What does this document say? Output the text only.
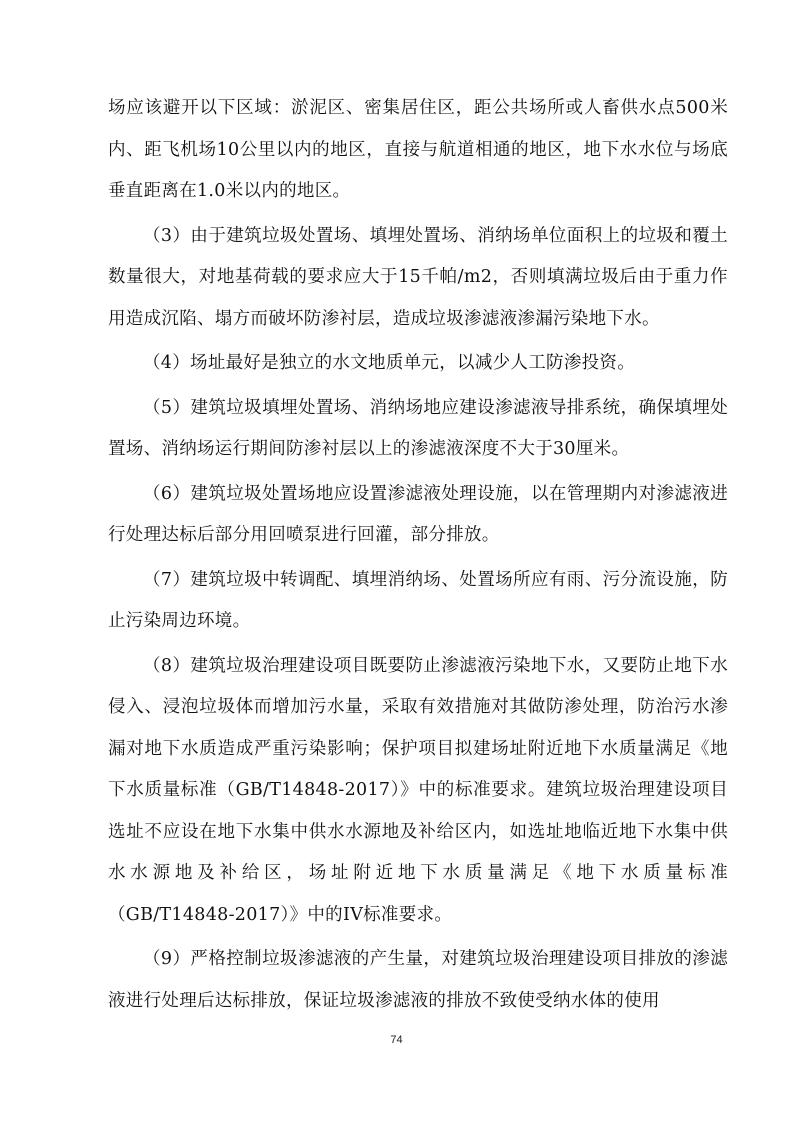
场应该避开以下区域：淤泥区、密集居住区，距公共场所或人畜供水点500米内、距飞机场10公里以内的地区，直接与航道相通的地区，地下水水位与场底垂直距离在1.0米以内的地区。

（3）由于建筑垃圾处置场、填埋处置场、消纳场单位面积上的垃圾和覆土数量很大，对地基荷载的要求应大于15千帕/m2，否则填满垃圾后由于重力作用造成沉陷、塌方而破坏防渗衬层，造成垃圾渗滤液渗漏污染地下水。

（4）场址最好是独立的水文地质单元，以减少人工防渗投资。

（5）建筑垃圾填埋处置场、消纳场地应建设渗滤液导排系统，确保填埋处置场、消纳场运行期间防渗衬层以上的渗滤液深度不大于30厘米。

（6）建筑垃圾处置场地应设置渗滤液处理设施，以在管理期内对渗滤液进行处理达标后部分用回喷泵进行回灌，部分排放。

（7）建筑垃圾中转调配、填埋消纳场、处置场所应有雨、污分流设施，防止污染周边环境。

（8）建筑垃圾治理建设项目既要防止渗滤液污染地下水，又要防止地下水侵入、浸泡垃圾体而增加污水量，采取有效措施对其做防渗处理，防治污水渗漏对地下水质造成严重污染影响；保护项目拟建场址附近地下水质量满足《地下水质量标准（GB/T14848-2017）》中的标准要求。建筑垃圾治理建设项目选址不应设在地下水集中供水水源地及补给区内，如选址地临近地下水集中供水水源地及补给区，场址附近地下水质量满足《地下水质量标准（GB/T14848-2017）》中的IV标准要求。

（9）严格控制垃圾渗滤液的产生量，对建筑垃圾治理建设项目排放的渗滤液进行处理后达标排放，保证垃圾渗滤液的排放不致使受纳水体的使用

74
